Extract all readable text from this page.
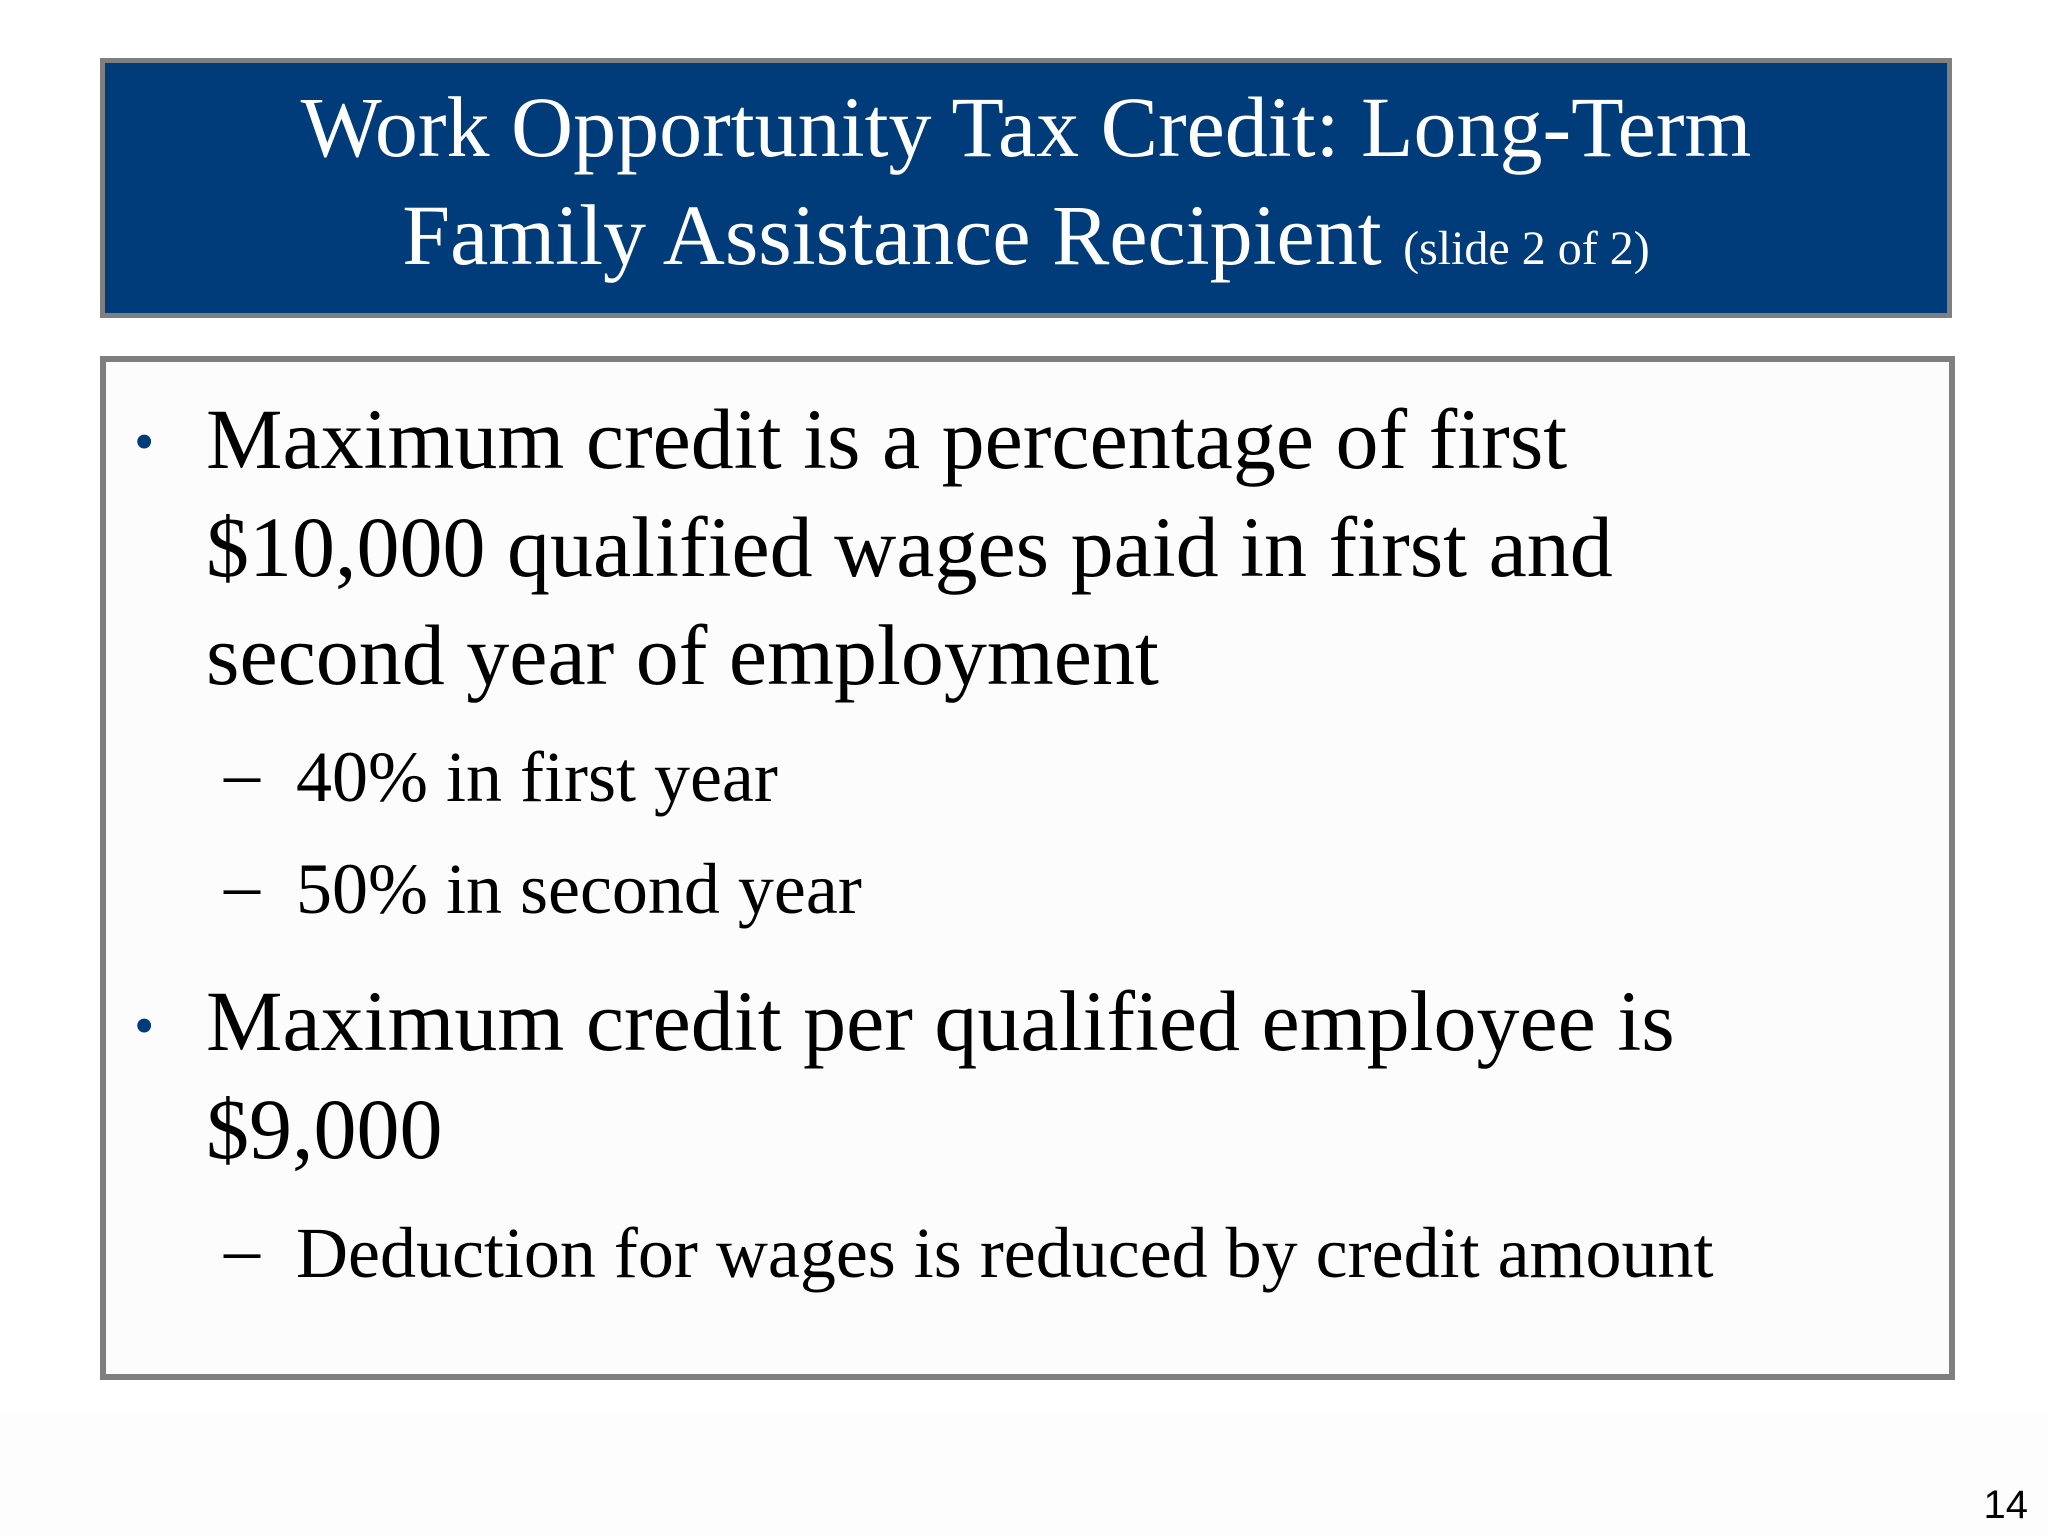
Work Opportunity Tax Credit: Long-Term
Family Assistance Recipient (slide 2 of 2)
• Maximum credit is a percentage of first
$10,000 qualified wages paid in first and
second year of employment
– 40% in first year
– 50% in second year
• Maximum credit per qualified employee is
$9,000
– Deduction for wages is reduced by credit amount
14
